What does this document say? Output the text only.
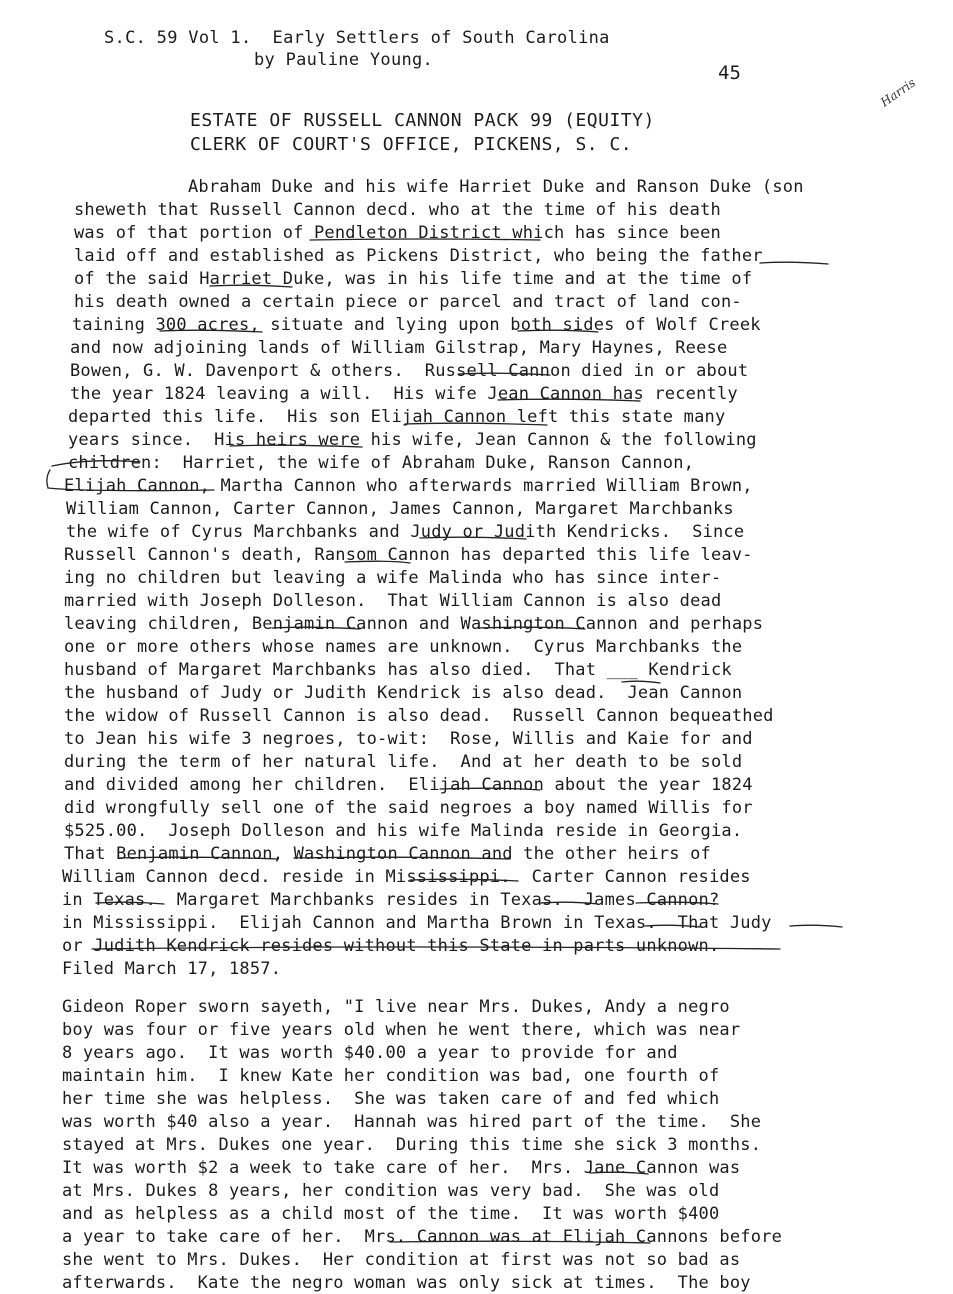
S.C. 59 Vol 1.  Early Settlers of South Carolina
by Pauline Young.
45
ESTATE OF RUSSELL CANNON PACK 99 (EQUITY)
CLERK OF COURT'S OFFICE, PICKENS, S. C.
Harris
Abraham Duke and his wife Harriet Duke and Ranson Duke (son
sheweth that Russell Cannon decd. who at the time of his death
was of that portion of Pendleton District which has since been
laid off and established as Pickens District, who being the father
of the said Harriet Duke, was in his life time and at the time of
his death owned a certain piece or parcel and tract of land con-
taining 300 acres, situate and lying upon both sides of Wolf Creek
and now adjoining lands of William Gilstrap, Mary Haynes, Reese
Bowen, G. W. Davenport & others.  Russell Cannon died in or about
the year 1824 leaving a will.  His wife Jean Cannon has recently
departed this life.  His son Elijah Cannon left this state many
years since.  His heirs were his wife, Jean Cannon & the following
children:  Harriet, the wife of Abraham Duke, Ranson Cannon,
Elijah Cannon, Martha Cannon who afterwards married William Brown,
William Cannon, Carter Cannon, James Cannon, Margaret Marchbanks
the wife of Cyrus Marchbanks and Judy or Judith Kendricks.  Since
Russell Cannon's death, Ransom Cannon has departed this life leav-
ing no children but leaving a wife Malinda who has since inter-
married with Joseph Dolleson.  That William Cannon is also dead
leaving children, Benjamin Cannon and Washington Cannon and perhaps
one or more others whose names are unknown.  Cyrus Marchbanks the
husband of Margaret Marchbanks has also died.  That ___ Kendrick
the husband of Judy or Judith Kendrick is also dead.  Jean Cannon
the widow of Russell Cannon is also dead.  Russell Cannon bequeathed
to Jean his wife 3 negroes, to-wit:  Rose, Willis and Kaie for and
during the term of her natural life.  And at her death to be sold
and divided among her children.  Elijah Cannon about the year 1824
did wrongfully sell one of the said negroes a boy named Willis for
$525.00.  Joseph Dolleson and his wife Malinda reside in Georgia.
That Benjamin Cannon, Washington Cannon and the other heirs of
William Cannon decd. reside in Mississippi.  Carter Cannon resides
in Texas.  Margaret Marchbanks resides in Texas.  James Cannon?
in Mississippi.  Elijah Cannon and Martha Brown in Texas.  That Judy
or Judith Kendrick resides without this State in parts unknown.
Filed March 17, 1857.
Gideon Roper sworn sayeth, "I live near Mrs. Dukes, Andy a negro
boy was four or five years old when he went there, which was near
8 years ago.  It was worth $40.00 a year to provide for and
maintain him.  I knew Kate her condition was bad, one fourth of
her time she was helpless.  She was taken care of and fed which
was worth $40 also a year.  Hannah was hired part of the time.  She
stayed at Mrs. Dukes one year.  During this time she sick 3 months.
It was worth $2 a week to take care of her.  Mrs. Jane Cannon was
at Mrs. Dukes 8 years, her condition was very bad.  She was old
and as helpless as a child most of the time.  It was worth $400
a year to take care of her.  Mrs. Cannon was at Elijah Cannons before
she went to Mrs. Dukes.  Her condition at first was not so bad as
afterwards.  Kate the negro woman was only sick at times.  The boy
